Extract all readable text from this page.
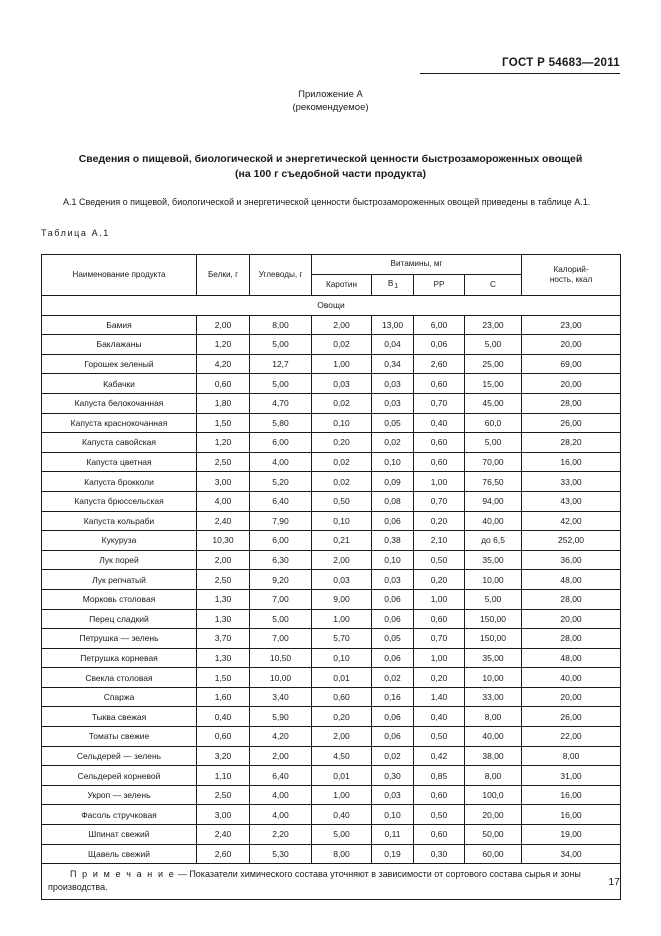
ГОСТ Р 54683—2011
Приложение А
(рекомендуемое)
Сведения о пищевой, биологической и энергетической ценности быстрозамороженных овощей
(на 100 г съедобной части продукта)
А.1 Сведения о пищевой, биологической и энергетической ценности быстрозамороженных овощей приведены в таблице А.1.
Таблица А.1
Наименование продукта	Белки, г	Углеводы, г	Витамины, мг				Калорий-
ность, ккал
			Каротин	$В_1$	РР	С	
Овощи							
Бамия	2,00	8,00	2,00	13,00	6,00	23,00	23,00
Баклажаны	1,20	5,00	0,02	0,04	0,06	5,00	20,00
Горошек зеленый	4,20	12,7	1,00	0,34	2,60	25,00	69,00
Кабачки	0,60	5,00	0,03	0,03	0,60	15,00	20,00
Капуста белокочанная	1,80	4,70	0,02	0,03	0,70	45,00	28,00
Капуста краснокочанная	1,50	5,80	0,10	0,05	0,40	60,0	26,00
Капуста савойская	1,20	6,00	0,20	0,02	0,60	5,00	28,20
Капуста цветная	2,50	4,00	0,02	0,10	0,60	70,00	16,00
Капуста брокколи	3,00	5,20	0,02	0,09	1,00	76,50	33,00
Капуста брюссельская	4,00	6,40	0,50	0,08	0,70	94,00	43,00
Капуста кольраби	2,40	7,90	0,10	0,06	0,20	40,00	42,00
Кукуруза	10,30	6,00	0,21	0,38	2,10	до 6,5	252,00
Лук порей	2,00	6,30	2,00	0,10	0,50	35,00	36,00
Лук репчатый	2,50	9,20	0,03	0,03	0,20	10,00	48,00
Морковь столовая	1,30	7,00	9,00	0,06	1,00	5,00	28,00
Перец сладкий	1,30	5,00	1,00	0,06	0,60	150,00	20,00
Петрушка — зелень	3,70	7,00	5,70	0,05	0,70	150,00	28,00
Петрушка корневая	1,30	10,50	0,10	0,06	1,00	35,00	48,00
Свекла столовая	1,50	10,00	0,01	0,02	0,20	10,00	40,00
Спаржа	1,60	3,40	0,60	0,16	1,40	33,00	20,00
Тыква свежая	0,40	5,90	0,20	0,06	0,40	8,00	26,00
Томаты свежие	0,60	4,20	2,00	0,06	0,50	40,00	22,00
Сельдерей — зелень	3,20	2,00	4,50	0,02	0,42	38,00	8,00
Сельдерей корневой	1,10	6,40	0,01	0,30	0,85	8,00	31,00
Укроп — зелень	2,50	4,00	1,00	0,03	0,60	100,0	16,00
Фасоль стручковая	3,00	4,00	0,40	0,10	0,50	20,00	16,00
Шпинат свежий	2,40	2,20	5,00	0,11	0,60	50,00	19,00
Щавель свежий	2,60	5,30	8,00	0,19	0,30	60,00	34,00
П р и м е ч а н и е — Показатели химического состава уточняют в зависимости от сортового состава сырья и зоны производства.								17
